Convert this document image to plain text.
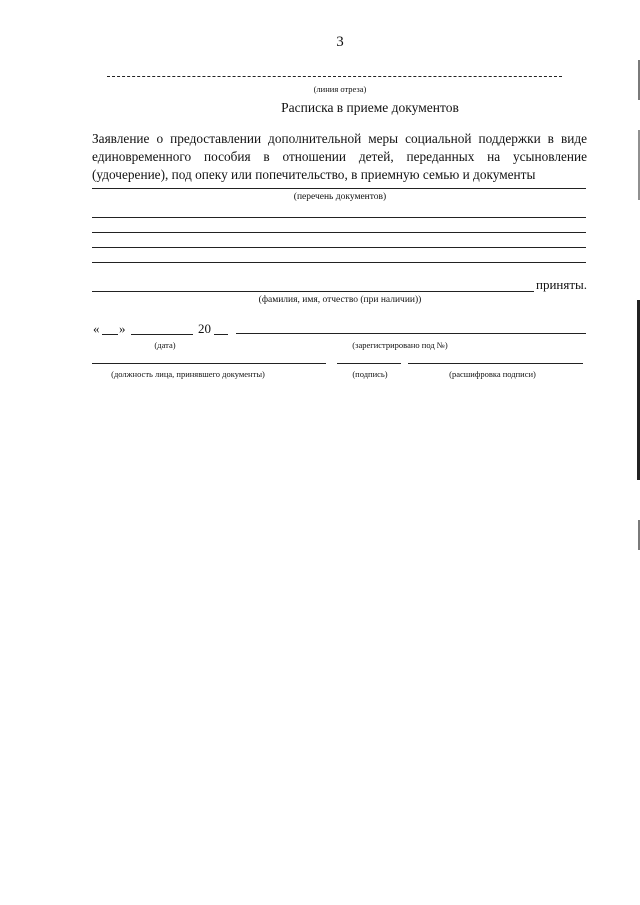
3
(линия отреза)
Расписка в приеме документов
Заявление о предоставлении дополнительной меры социальной поддержки в виде единовременного пособия в отношении детей, переданных на усыновление (удочерение), под опеку или попечительство, в приемную семью и документы
(перечень документов)
приняты.
(фамилия, имя, отчество (при наличии))
« »	20
(дата)	(зарегистрировано под №)
(должность лица, принявшего документы)	(подпись)	(расшифровка подписи)
